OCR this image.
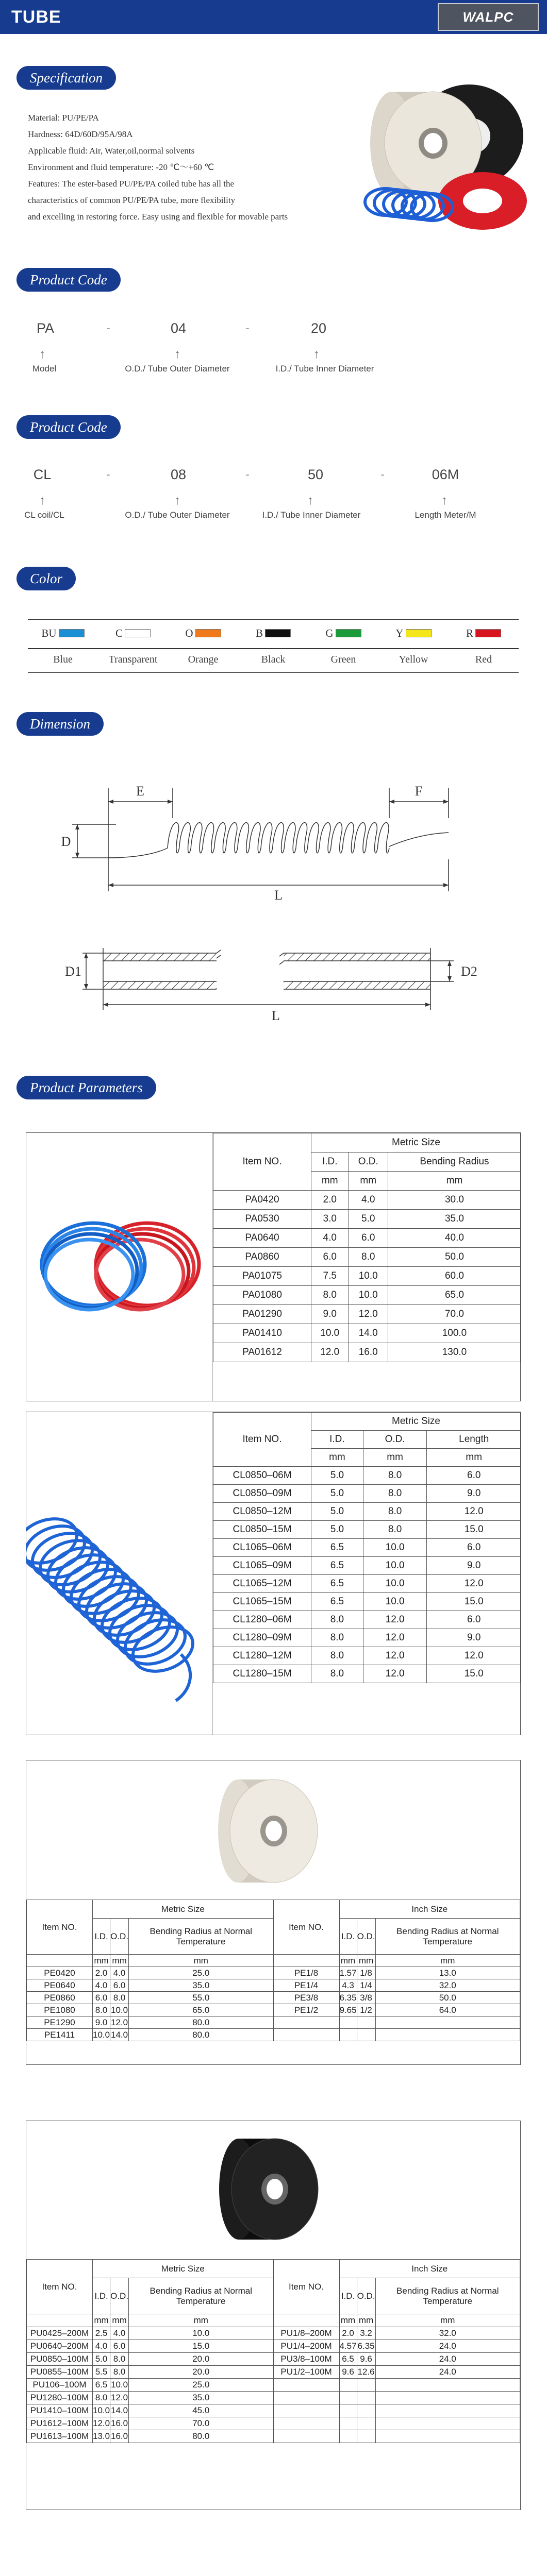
TUBE	WALPC
Specification
Material: PU/PE/PA
Hardness: 64D/60D/95A/98A
Applicable fluid: Air, Water,oil,normal solvents
Environment and fluid temperature: -20 ℃～+60 ℃
Features: The ester-based PU/PE/PA coiled tube has all the
characteristics of common PU/PE/PA tube, more flexibility
and excelling in restoring force. Easy using and flexible for movable parts
Product Code
PA	-	04	-	20
↑	↑	↑
Model	O.D./ Tube Outer Diameter	I.D./ Tube Inner Diameter
Product Code
CL	-	08	-	50	-	06M
↑	↑	↑	↑
CL coil/CL	O.D./ Tube Outer Diameter	I.D./ Tube Inner Diameter	Length Meter/M
Color
BU
Blue
C
Transparent
O
Orange
B
Black
G
Green
Y
Yellow
R
Red
Dimension
E	F
D
L
D1	D2
L
Product Parameters
Item NO.	Metric Size		
	I.D.	O.D.	Bending Radius
	mm	mm	mm
PA0420	2.0	4.0	30.0
PA0530	3.0	5.0	35.0
PA0640	4.0	6.0	40.0
PA0860	6.0	8.0	50.0
PA01075	7.5	10.0	60.0
PA01080	8.0	10.0	65.0
PA01290	9.0	12.0	70.0
PA01410	10.0	14.0	100.0
PA01612	12.0	16.0	130.0
Item NO.	Metric Size		
	I.D.	O.D.	Length
	mm	mm	mm
CL0850–06M	5.0	8.0	6.0
CL0850–09M	5.0	8.0	9.0
CL0850–12M	5.0	8.0	12.0
CL0850–15M	5.0	8.0	15.0
CL1065–06M	6.5	10.0	6.0
CL1065–09M	6.5	10.0	9.0
CL1065–12M	6.5	10.0	12.0
CL1065–15M	6.5	10.0	15.0
CL1280–06M	8.0	12.0	6.0
CL1280–09M	8.0	12.0	9.0
CL1280–12M	8.0	12.0	12.0
CL1280–15M	8.0	12.0	15.0
Item NO.	Metric Size			Item NO.	Inch Size		
	I.D.	O.D.	Bending Radius at Normal Temperature		I.D.	O.D.	Bending Radius at Normal Temperature
	mm	mm	mm		mm	mm	mm
PE0420	2.0	4.0	25.0	PE1/8	1.57	1/8	13.0
PE0640	4.0	6.0	35.0	PE1/4	4.3	1/4	32.0
PE0860	6.0	8.0	55.0	PE3/8	6.35	3/8	50.0
PE1080	8.0	10.0	65.0	PE1/2	9.65	1/2	64.0
PE1290	9.0	12.0	80.0				
PE1411	10.0	14.0	80.0				
Item NO.	Metric Size			Item NO.	Inch Size		
	I.D.	O.D.	Bending Radius at Normal Temperature		I.D.	O.D.	Bending Radius at Normal Temperature
	mm	mm	mm		mm	mm	mm
PU0425–200M	2.5	4.0	10.0	PU1/8–200M	2.0	3.2	32.0
PU0640–200M	4.0	6.0	15.0	PU1/4–200M	4.57	6.35	24.0
PU0850–100M	5.0	8.0	20.0	PU3/8–100M	6.5	9.6	24.0
PU0855–100M	5.5	8.0	20.0	PU1/2–100M	9.6	12.6	24.0
PU106–100M	6.5	10.0	25.0				
PU1280–100M	8.0	12.0	35.0				
PU1410–100M	10.0	14.0	45.0				
PU1612–100M	12.0	16.0	70.0				
PU1613–100M	13.0	16.0	80.0				
